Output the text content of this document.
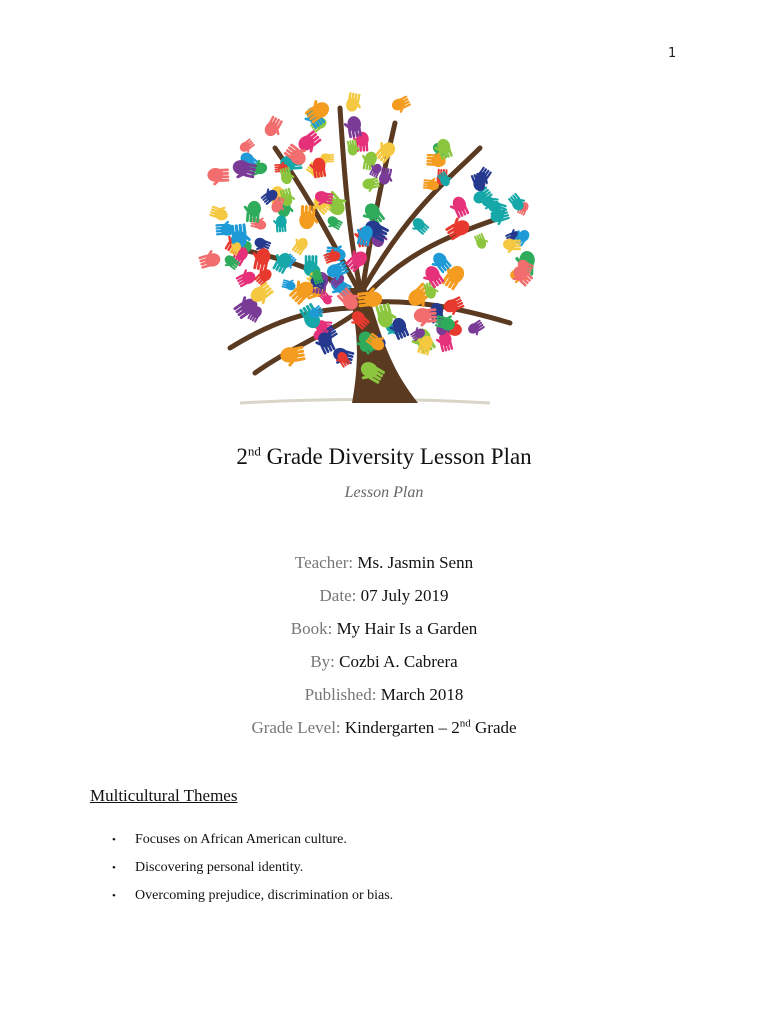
1
2nd Grade Diversity Lesson Plan
Lesson Plan
Teacher: Ms. Jasmin Senn
Date: 07 July 2019
Book: My Hair Is a Garden
By: Cozbi A. Cabrera
Published: March 2018
Grade Level: Kindergarten – 2nd Grade
Multicultural Themes
•	Focuses on African American culture.
•	Discovering personal identity.
•	Overcoming prejudice, discrimination or bias.
